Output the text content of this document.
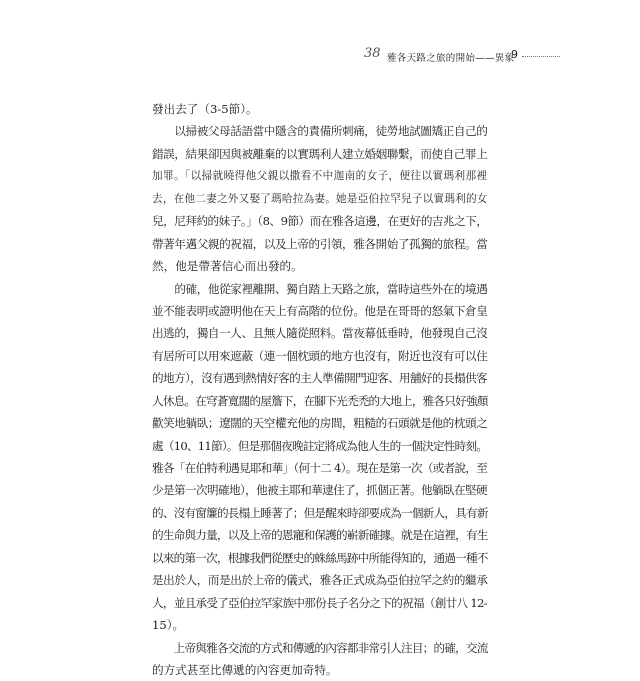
38 雅各天路之旅的開始——異象
9
發出去了（3-5節）。
　　以掃被父母話語當中隱含的責備所刺痛，徒勞地試圖矯正自己的
錯誤，結果卻因與被離棄的以實瑪利人建立婚姻聯繫，而使自己罪上
加罪。「以掃就曉得他父親以撒看不中迦南的女子，便往以實瑪利那裡
去，在他二妻之外又娶了瑪哈拉為妻。她是亞伯拉罕兒子以實瑪利的女
兒，尼拜約的妹子。」（8、9節）而在雅各這邊，在更好的吉兆之下，
帶著年邁父親的祝福，以及上帝的引領，雅各開始了孤獨的旅程。當
然，他是帶著信心而出發的。
　　的確，他從家裡離開、獨自踏上天路之旅，當時這些外在的境遇
並不能表明或證明他在天上有高階的位份。他是在哥哥的怒氣下倉皇
出逃的，獨自一人、且無人隨從照料。當夜幕低垂時，他發現自己沒
有居所可以用來遮蔽（連一個枕頭的地方也沒有，附近也沒有可以住
的地方），沒有遇到熱情好客的主人準備開門迎客、用舖好的長榻供客
人休息。在穹蒼寬闊的屋簷下，在腳下光禿禿的大地上，雅各只好強顏
歡笑地躺臥；遼闊的天空權充他的房間，粗糙的石頭就是他的枕頭之
處（10、11節）。但是那個夜晚註定將成為他人生的一個決定性時刻。
雅各「在伯特利遇見耶和華」（何十二 4）。現在是第一次（或者說，至
少是第一次明確地），他被主耶和華逮住了，抓個正著。他躺臥在堅硬
的、沒有窗簾的長榻上睡著了；但是醒來時卻要成為一個新人，具有新
的生命與力量，以及上帝的恩寵和保護的嶄新確據。就是在這裡，有生
以來的第一次，根據我們從歷史的蛛絲馬跡中所能得知的，通過一種不
是出於人，而是出於上帝的儀式，雅各正式成為亞伯拉罕之約的繼承
人，並且承受了亞伯拉罕家族中那份長子名分之下的祝福（創廿八 12-
15）。
　　上帝與雅各交流的方式和傳遞的內容都非常引人注目；的確，交流
的方式甚至比傳遞的內容更加奇特。
